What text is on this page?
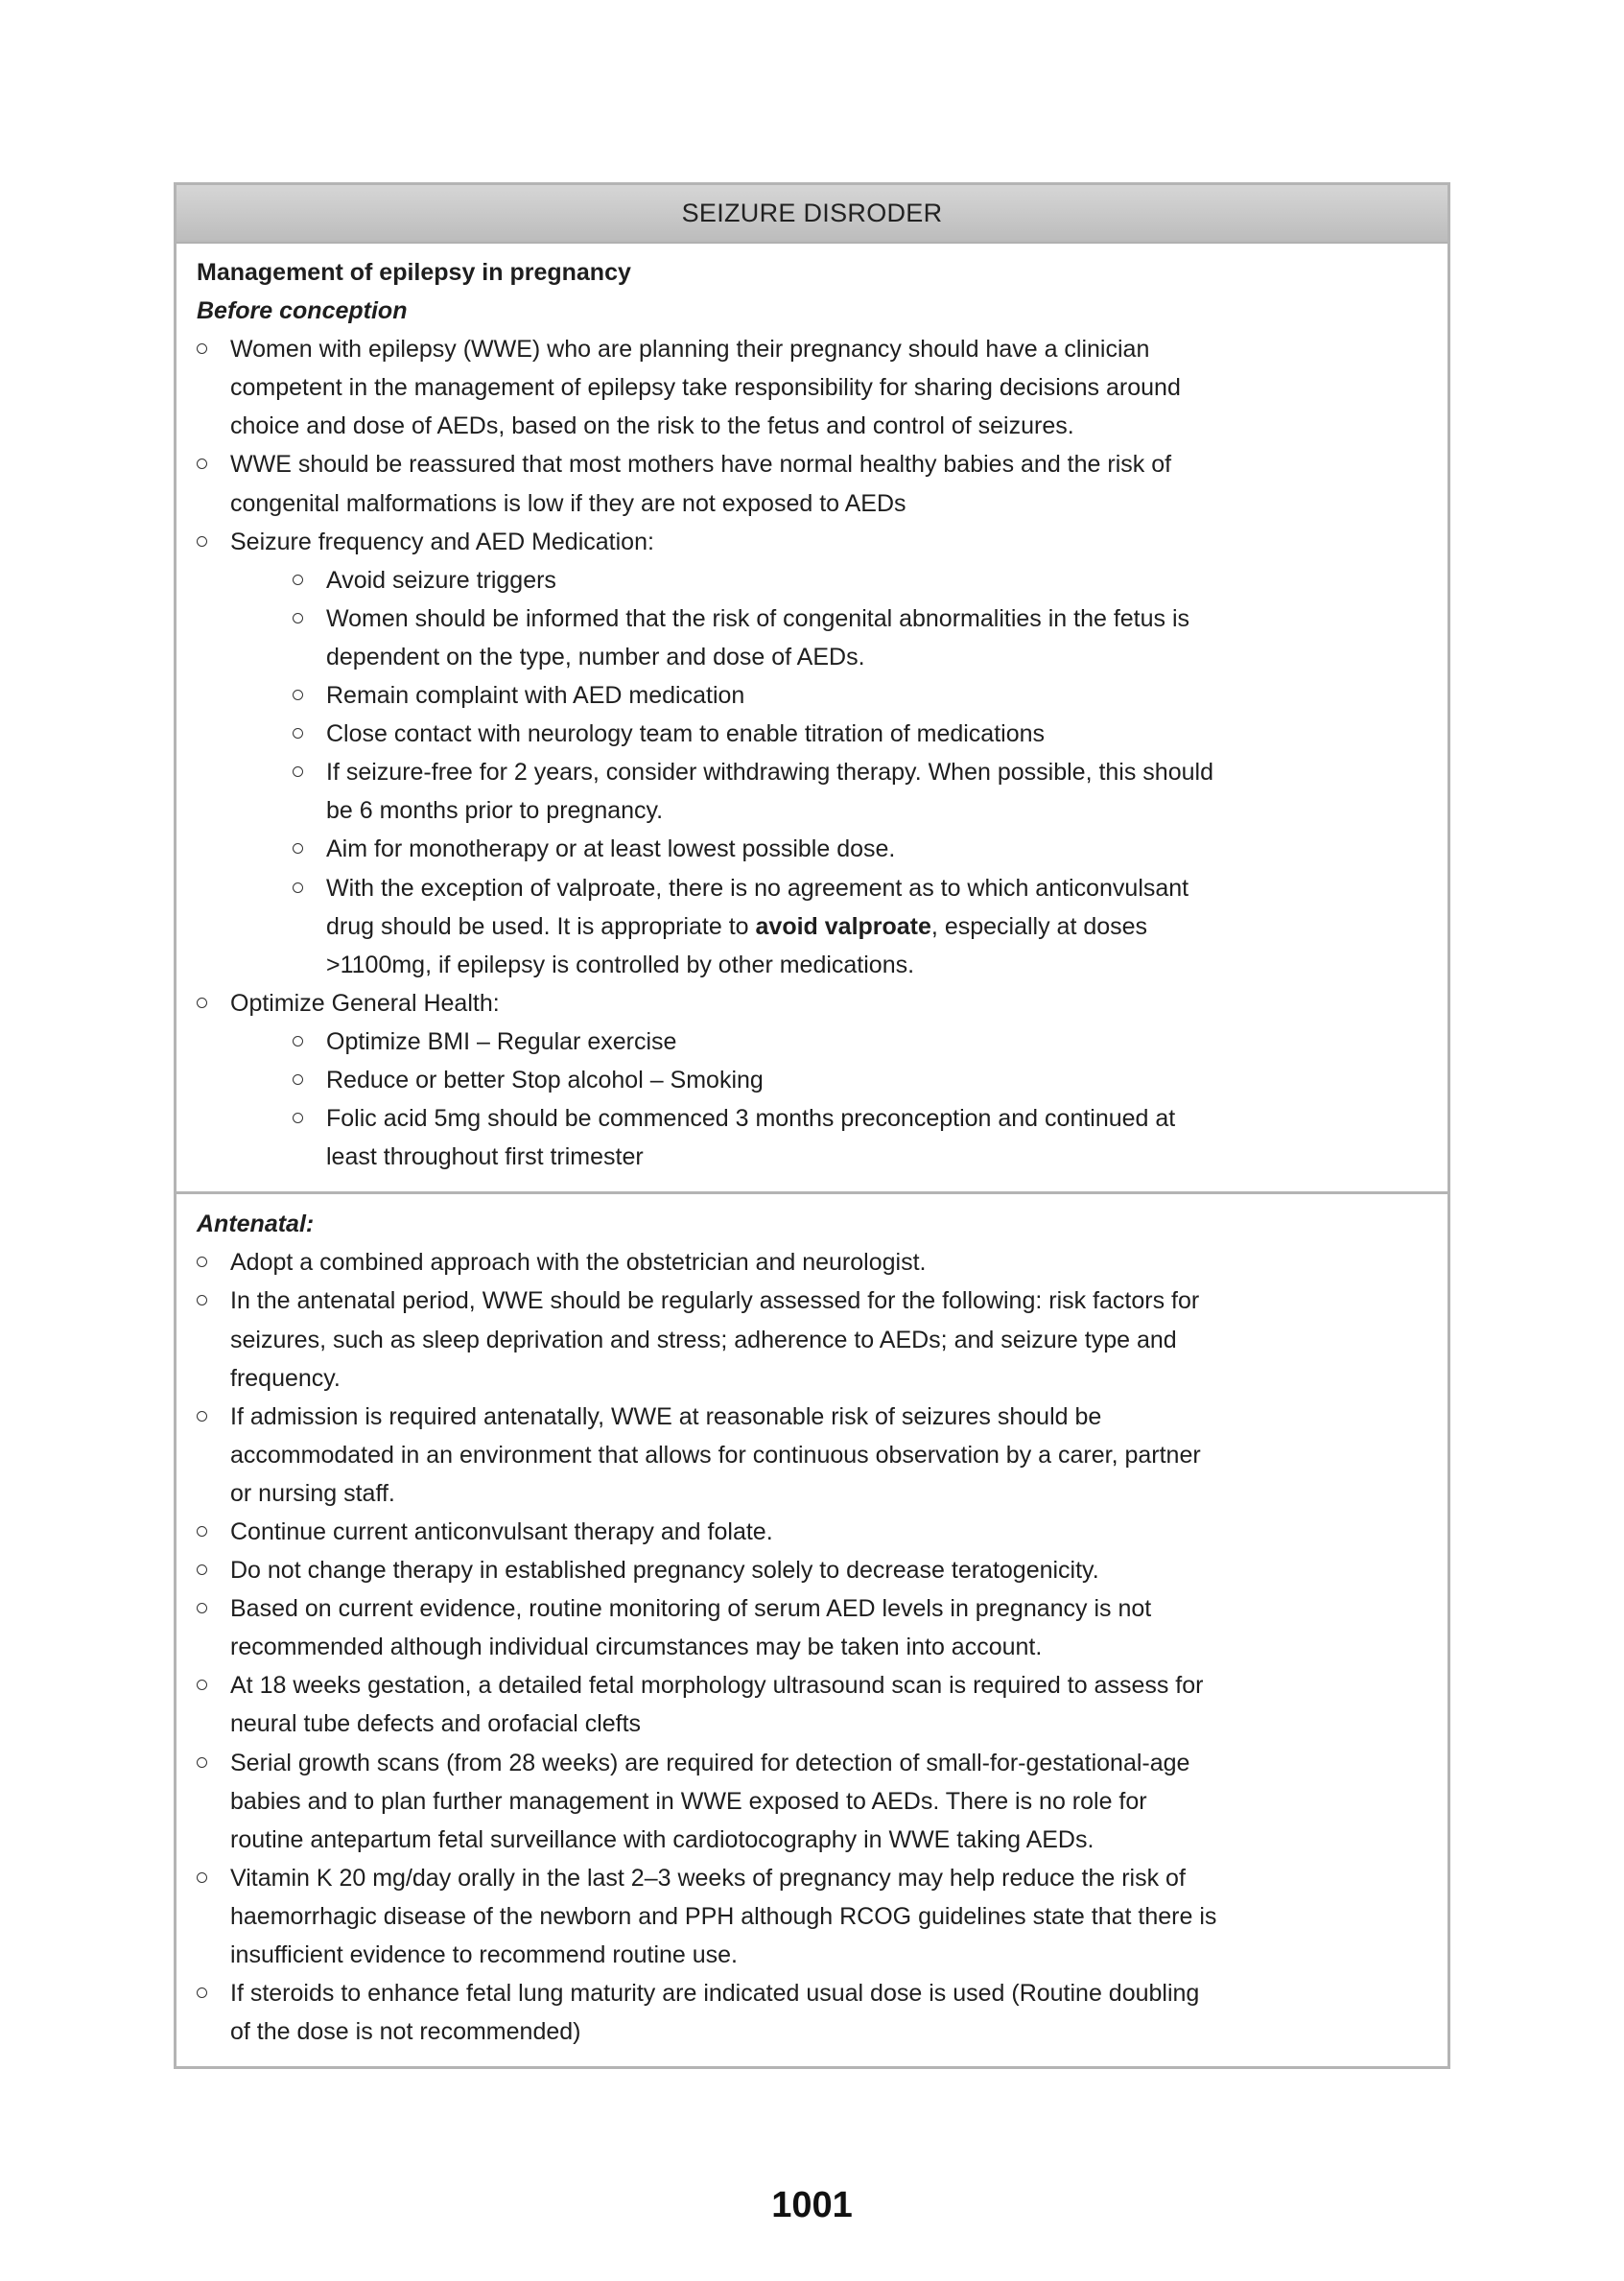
SEIZURE DISRODER
Management of epilepsy in pregnancy
Before conception
Women with epilepsy (WWE) who are planning their pregnancy should have a clinician
competent in the management of epilepsy take responsibility for sharing decisions around
choice and dose of AEDs, based on the risk to the fetus and control of seizures.
WWE should be reassured that most mothers have normal healthy babies and the risk of
congenital malformations is low if they are not exposed to AEDs
Seizure frequency and AED Medication:
Avoid seizure triggers
Women should be informed that the risk of congenital abnormalities in the fetus is
dependent on the type, number and dose of AEDs.
Remain complaint with AED medication
Close contact with neurology team to enable titration of medications
If seizure-free for 2 years, consider withdrawing therapy. When possible, this should
be 6 months prior to pregnancy.
Aim for monotherapy or at least lowest possible dose.
With the exception of valproate, there is no agreement as to which anticonvulsant
drug should be used. It is appropriate to avoid valproate, especially at doses
>1100mg, if epilepsy is controlled by other medications.
Optimize General Health:
Optimize BMI – Regular exercise
Reduce or better Stop alcohol – Smoking
Folic acid 5mg should be commenced 3 months preconception and continued at
least throughout first trimester
Antenatal:
Adopt a combined approach with the obstetrician and neurologist.
In the antenatal period, WWE should be regularly assessed for the following: risk factors for
seizures, such as sleep deprivation and stress; adherence to AEDs; and seizure type and
frequency.
If admission is required antenatally, WWE at reasonable risk of seizures should be
accommodated in an environment that allows for continuous observation by a carer, partner
or nursing staff.
Continue current anticonvulsant therapy and folate.
Do not change therapy in established pregnancy solely to decrease teratogenicity.
Based on current evidence, routine monitoring of serum AED levels in pregnancy is not
recommended although individual circumstances may be taken into account.
At 18 weeks gestation, a detailed fetal morphology ultrasound scan is required to assess for
neural tube defects and orofacial clefts
Serial growth scans (from 28 weeks) are required for detection of small-for-gestational-age
babies and to plan further management in WWE exposed to AEDs. There is no role for
routine antepartum fetal surveillance with cardiotocography in WWE taking AEDs.
Vitamin K 20 mg/day orally in the last 2–3 weeks of pregnancy may help reduce the risk of
haemorrhagic disease of the newborn and PPH although RCOG guidelines state that there is
insufficient evidence to recommend routine use.
If steroids to enhance fetal lung maturity are indicated usual dose is used (Routine doubling
of the dose is not recommended)
1001
